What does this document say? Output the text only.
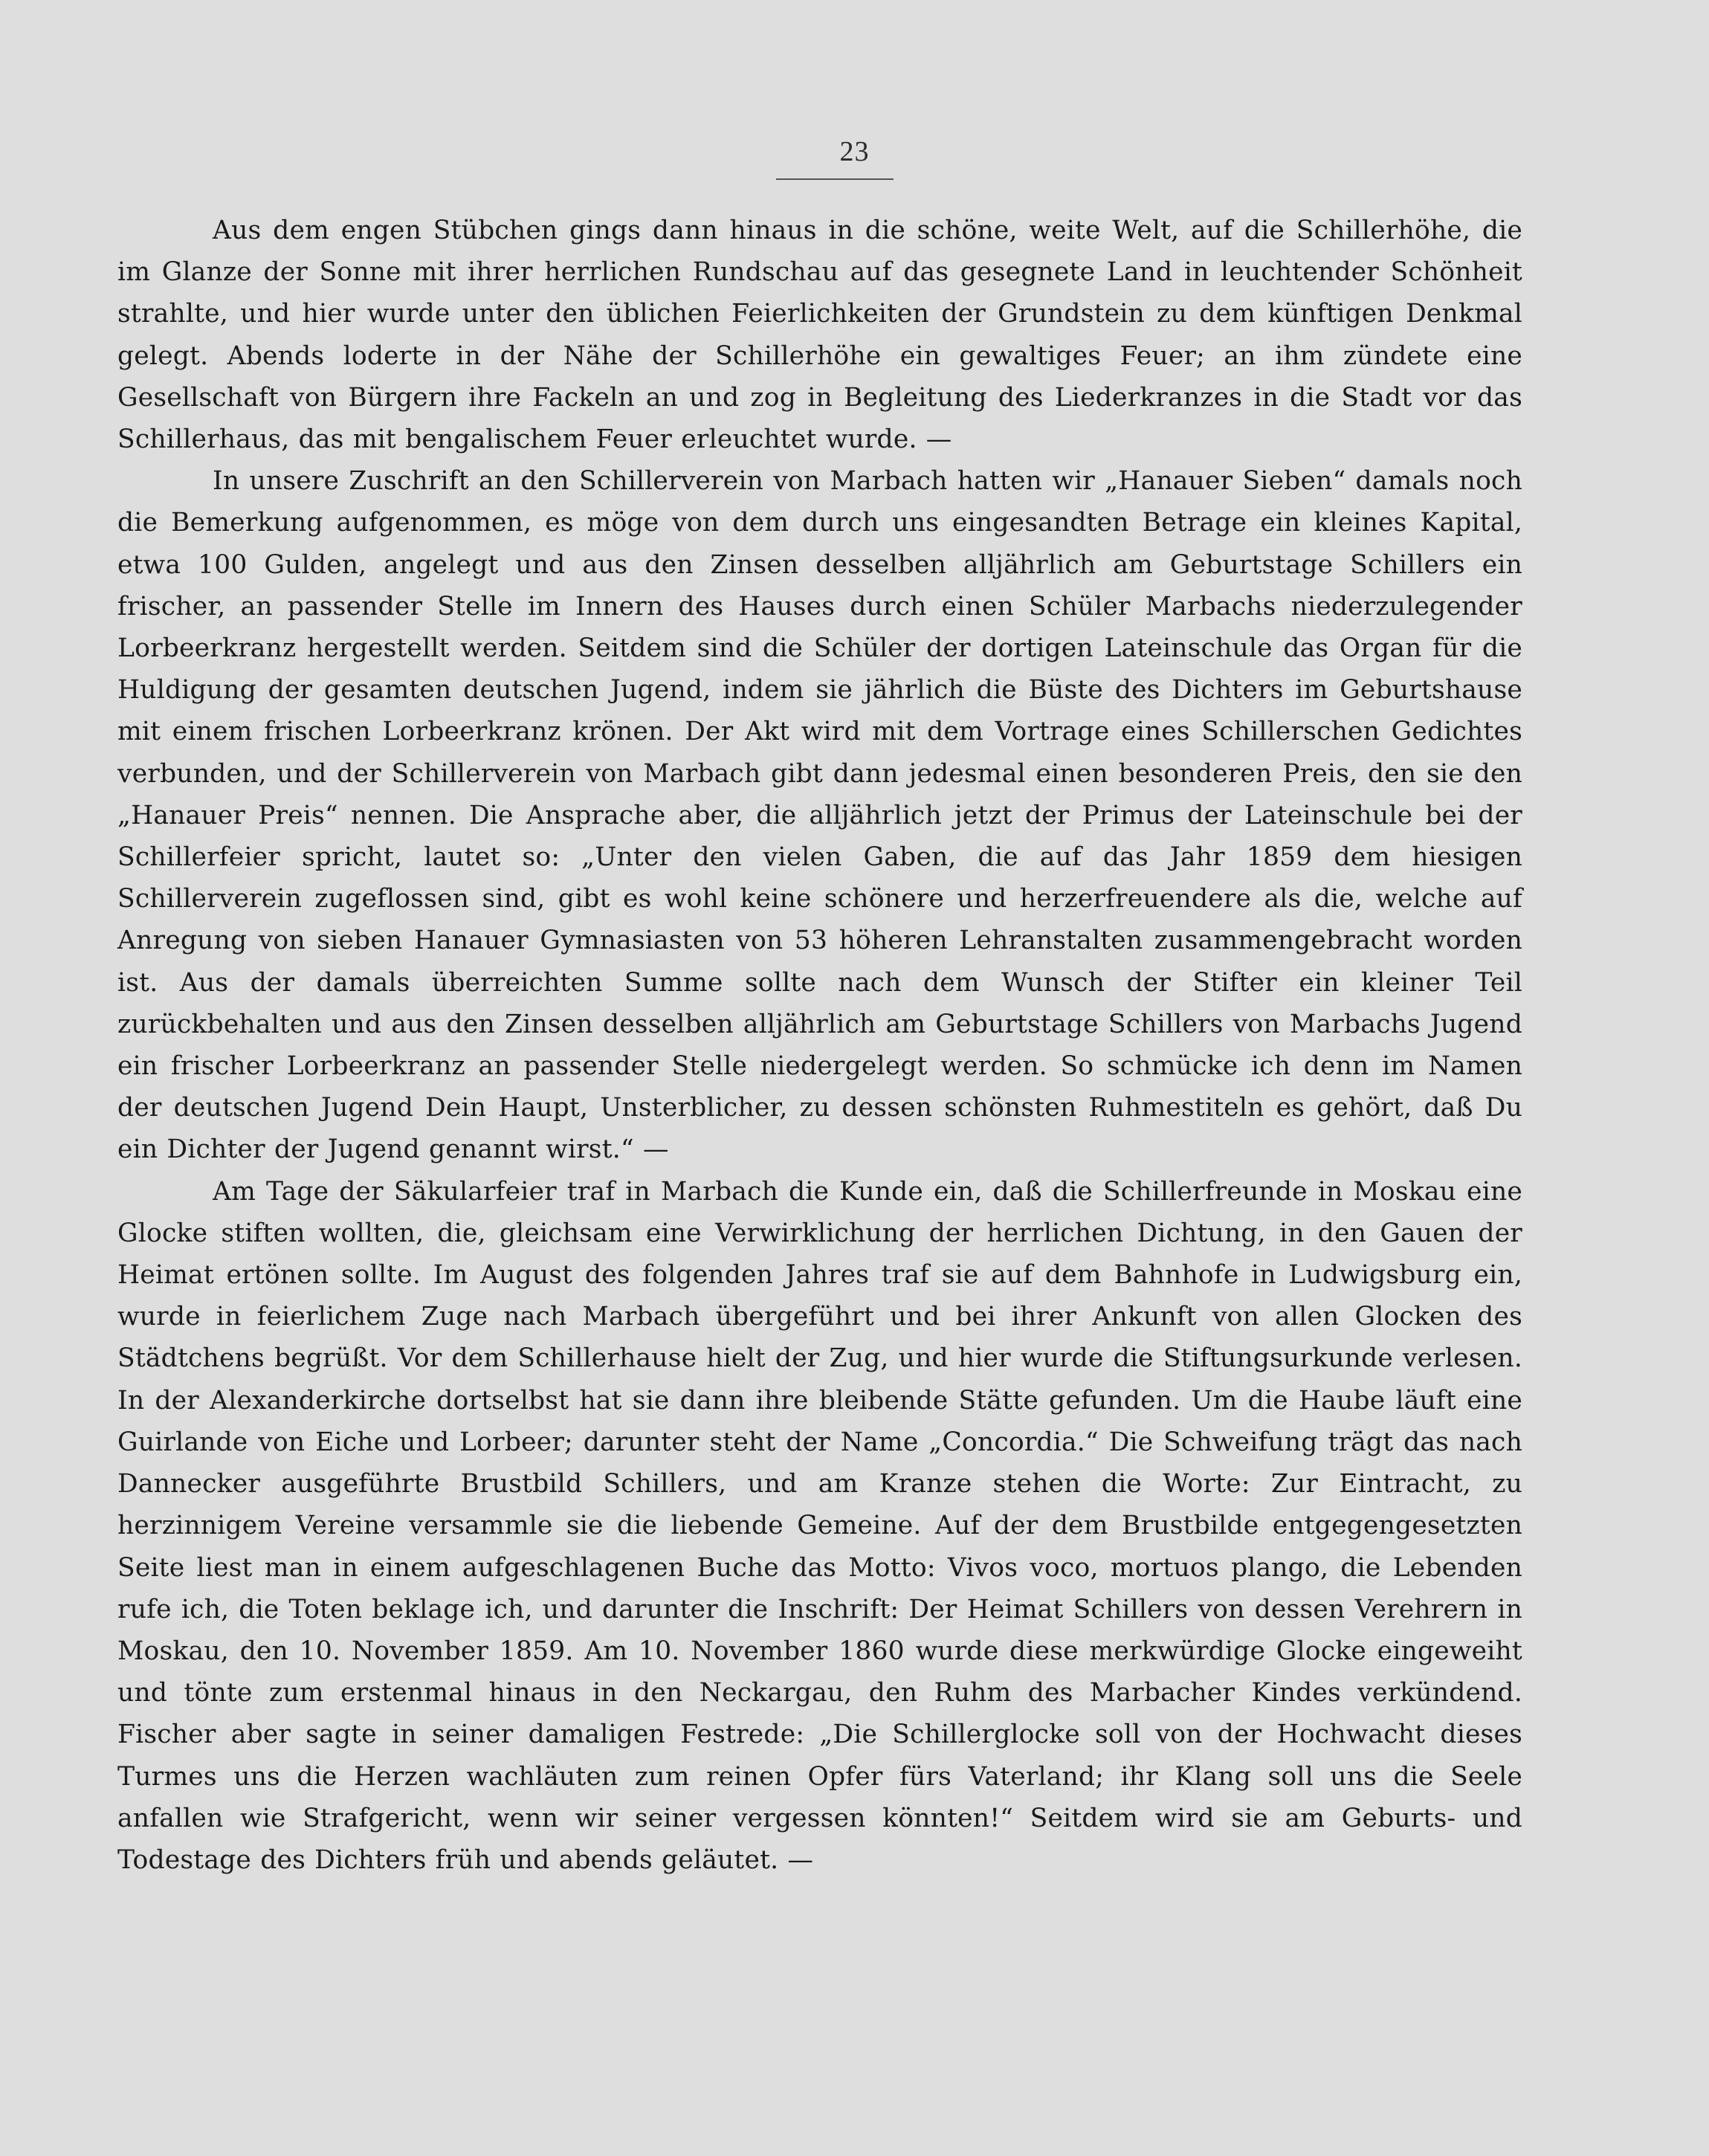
23

Aus dem engen Stübchen gings dann hinaus in die schöne, weite Welt, auf die Schillerhöhe, die im Glanze der Sonne mit ihrer herrlichen Rundschau auf das gesegnete Land in leuchtender Schönheit strahlte, und hier wurde unter den üblichen Feierlichkeiten der Grundstein zu dem künftigen Denkmal gelegt. Abends loderte in der Nähe der Schillerhöhe ein gewaltiges Feuer; an ihm zündete eine Gesellschaft von Bürgern ihre Fackeln an und zog in Begleitung des Liederkranzes in die Stadt vor das Schillerhaus, das mit bengalischem Feuer erleuchtet wurde. —

In unsere Zuschrift an den Schillerverein von Marbach hatten wir „Hanauer Sieben“ damals noch die Bemerkung aufgenommen, es möge von dem durch uns eingesandten Betrage ein kleines Kapital, etwa 100 Gulden, angelegt und aus den Zinsen desselben alljährlich am Geburtstage Schillers ein frischer, an passender Stelle im Innern des Hauses durch einen Schüler Marbachs niederzulegender Lorbeerkranz hergestellt werden. Seitdem sind die Schüler der dortigen Lateinschule das Organ für die Huldigung der gesamten deutschen Jugend, indem sie jährlich die Büste des Dichters im Geburtshause mit einem frischen Lorbeerkranz krönen. Der Akt wird mit dem Vortrage eines Schillerschen Gedichtes verbunden, und der Schillerverein von Marbach gibt dann jedesmal einen besonderen Preis, den sie den „Hanauer Preis“ nennen. Die Ansprache aber, die alljährlich jetzt der Primus der Lateinschule bei der Schillerfeier spricht, lautet so: „Unter den vielen Gaben, die auf das Jahr 1859 dem hiesigen Schillerverein zugeflossen sind, gibt es wohl keine schönere und herzerfreuendere als die, welche auf Anregung von sieben Hanauer Gymnasiasten von 53 höheren Lehranstalten zusammengebracht worden ist. Aus der damals überreichten Summe sollte nach dem Wunsch der Stifter ein kleiner Teil zurückbehalten und aus den Zinsen desselben alljährlich am Geburtstage Schillers von Marbachs Jugend ein frischer Lorbeerkranz an passender Stelle niedergelegt werden. So schmücke ich denn im Namen der deutschen Jugend Dein Haupt, Unsterblicher, zu dessen schönsten Ruhmestiteln es gehört, daß Du ein Dichter der Jugend genannt wirst.“ —

Am Tage der Säkularfeier traf in Marbach die Kunde ein, daß die Schillerfreunde in Moskau eine Glocke stiften wollten, die, gleichsam eine Verwirklichung der herrlichen Dichtung, in den Gauen der Heimat ertönen sollte. Im August des folgenden Jahres traf sie auf dem Bahnhofe in Ludwigsburg ein, wurde in feierlichem Zuge nach Marbach übergeführt und bei ihrer Ankunft von allen Glocken des Städtchens begrüßt. Vor dem Schillerhause hielt der Zug, und hier wurde die Stiftungsurkunde verlesen. In der Alexanderkirche dortselbst hat sie dann ihre bleibende Stätte gefunden. Um die Haube läuft eine Guirlande von Eiche und Lorbeer; darunter steht der Name „Concordia.“ Die Schweifung trägt das nach Dannecker ausgeführte Brustbild Schillers, und am Kranze stehen die Worte: Zur Eintracht, zu herzinnigem Vereine versammle sie die liebende Gemeine. Auf der dem Brustbilde entgegengesetzten Seite liest man in einem aufgeschlagenen Buche das Motto: Vivos voco, mortuos plango, die Lebenden rufe ich, die Toten beklage ich, und darunter die Inschrift: Der Heimat Schillers von dessen Verehrern in Moskau, den 10. November 1859. Am 10. November 1860 wurde diese merkwürdige Glocke eingeweiht und tönte zum erstenmal hinaus in den Neckargau, den Ruhm des Marbacher Kindes verkündend. Fischer aber sagte in seiner damaligen Festrede: „Die Schillerglocke soll von der Hochwacht dieses Turmes uns die Herzen wachläuten zum reinen Opfer fürs Vaterland; ihr Klang soll uns die Seele anfallen wie Strafgericht, wenn wir seiner vergessen könnten!“ Seitdem wird sie am Geburts- und Todestage des Dichters früh und abends geläutet. —
